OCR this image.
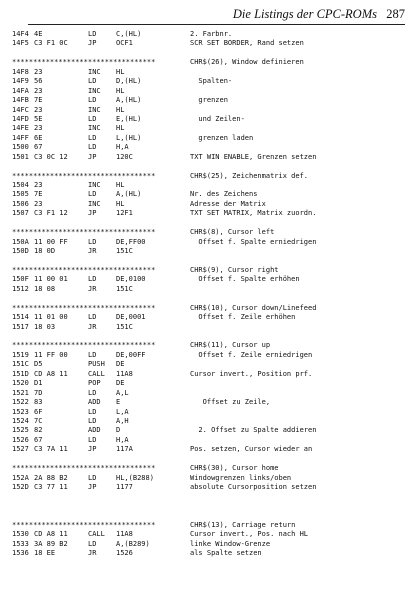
Die Listings der CPC-ROMs 287
14F4 4E	LD	C,(HL)	2. Farbnr.
14F5 C3 F1 0C	JP	OCF1	SCR SET BORDER, Rand setzen
**********************************	CHR$(26), Window definieren
14F8 23	INC HL
14F9 56	LD	D,(HL)	Spalten-
14FA 23	INC HL
14FB 7E	LD	A,(HL)	grenzen
14FC 23	INC HL
14FD 5E	LD	E,(HL)	und Zeilen-
14FE 23	INC HL
14FF 6E	LD	L,(HL)	grenzen laden
1500 67	LD	H,A
1501 C3 0C 12	JP	120C	TXT WIN ENABLE, Grenzen setzen
**********************************	CHR$(25), Zeichenmatrix def.
1504 23	INC HL
1505 7E	LD	A,(HL)	Nr. des Zeichens
1506 23	INC HL	Adresse der Matrix
1507 C3 F1 12	JP	12F1	TXT SET MATRIX, Matrix zuordn.
**********************************	CHR$(8), Cursor left
150A 11 00 FF	LD	DE,FF00	Offset f. Spalte erniedrigen
150D 18 0D	JR	151C
**********************************	CHR$(9), Cursor right
150F 11 00 01	LD	DE,0100	Offset f. Spalte erhöhen
1512 18 08	JR	151C
**********************************	CHR$(10), Cursor down/Linefeed
1514 11 01 00	LD	DE,0001	Offset f. Zeile erhöhen
1517 18 03	JR	151C
**********************************	CHR$(11), Cursor up
1519 11 FF 00	LD	DE,00FF	Offset f. Zeile erniedrigen
151C D5	PUSH DE
151D CD A8 11	CALL 11A8	Cursor invert., Position prf.
1520 D1	POP DE
1521 7D	LD	A,L
1522 83	ADD E	Offset zu Zeile,
1523 6F	LD	L,A
1524 7C	LD	A,H
1525 82	ADD D	2. Offset zu Spalte addieren
1526 67	LD	H,A
1527 C3 7A 11	JP	117A	Pos. setzen, Cursor wieder an
**********************************	CHR$(30), Cursor home
152A 2A 88 B2	LD	HL,(B288)	Windowgrenzen links/oben
152D C3 77 11	JP	1177	absolute Cursorposition setzen
**********************************	CHR$(13), Carriage return
1530 CD A8 11	CALL 11A8	Cursor invert., Pos. nach HL
1533 3A 89 B2	LD	A,(B289)	linke Window-Grenze
1536 18 EE	JR	1526	als Spalte setzen
